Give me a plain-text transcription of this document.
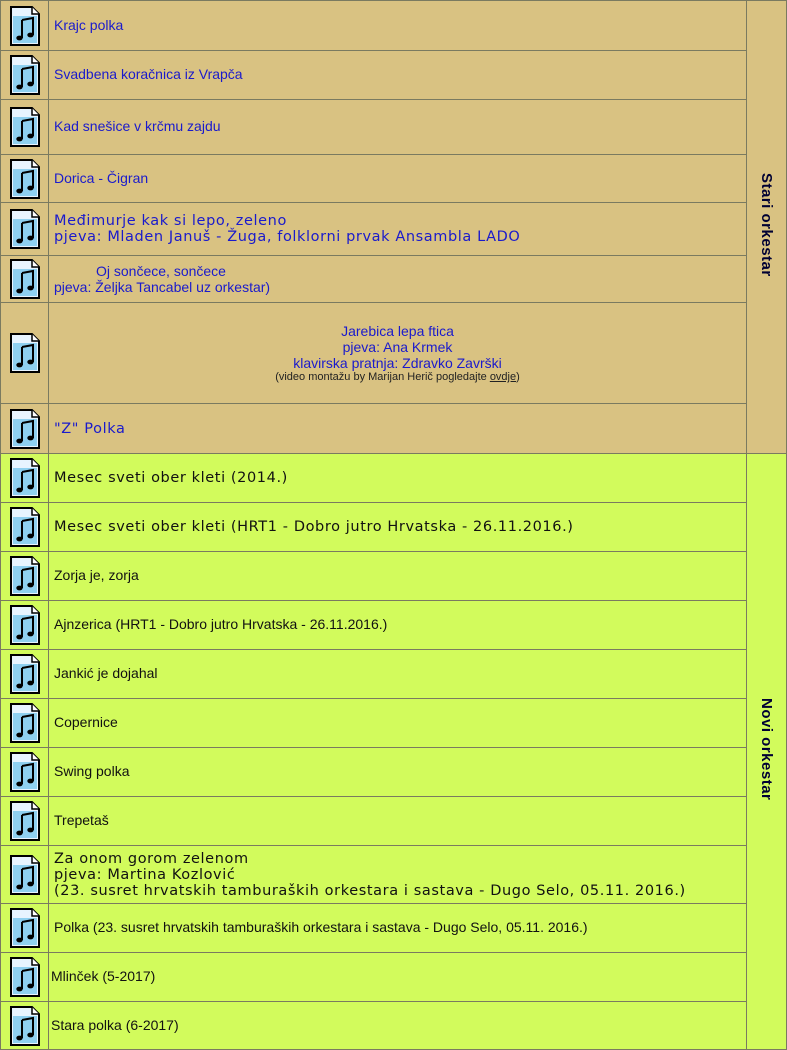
	Krajc polka	Stari orkestar
	Svadbena koračnica iz Vrapča	
	Kad snešice v krčmu zajdu	
	Dorica - Čigran	

Međimurje kak si lepo, zeleno
pjeva: Mladen Januš - Žuga, folklorni prvak Ansambla LADO	

Oj sončece, sončece
pjeva: Željka Tancabel uz orkestar)	

Jarebica lepa ftica
pjeva: Ana Krmek
klavirska pratnja: Zdravko Završki
(video montažu by Marijan Herič pogledajte ovdje)	

	"Z" Polka	
	Mesec sveti ober kleti (2014.)	Novi orkestar
	Mesec sveti ober kleti (HRT1 - Dobro jutro Hrvatska - 26.11.2016.)	
	Zorja je, zorja	
	Ajnzerica (HRT1 - Dobro jutro Hrvatska - 26.11.2016.)	
	Jankić je dojahal	
	Copernice	
	Swing polka	
	Trepetaš	

Za onom gorom zelenom
pjeva: Martina Kozlović
(23. susret hrvatskih tamburaških orkestara i sastava - Dugo Selo, 05.11. 2016.)	

	Polka (23. susret hrvatskih tamburaških orkestara i sastava - Dugo Selo, 05.11. 2016.)	
	Mlinček (5-2017)	
	Stara polka (6-2017)	
